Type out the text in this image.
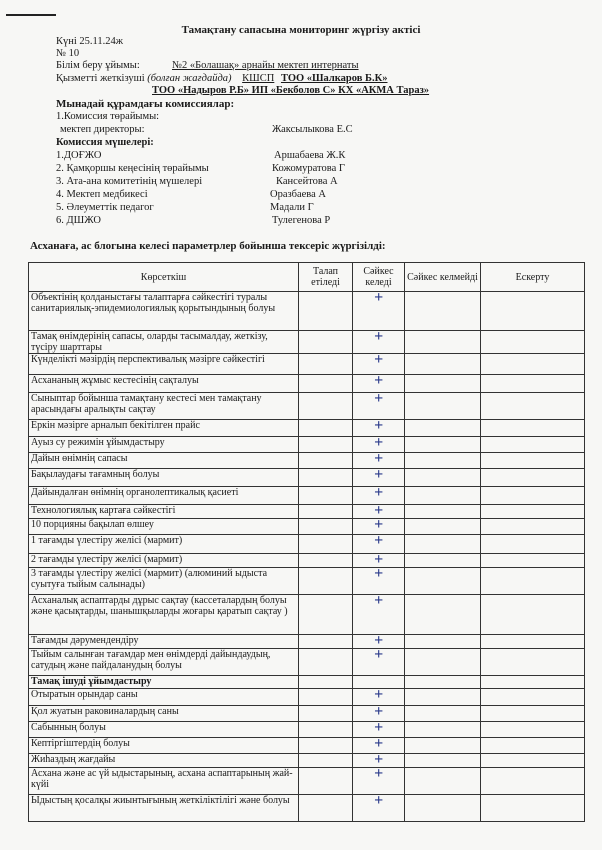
Тамақтану сапасына мониторинг жүргізу актісі
Күні 25.11.24ж
№ 10
Білім беру ұйымы:	№2 «Болашақ» арнайы мектеп интернаты
Қызметті жеткізуші (болған жағдайда) КШСП ТОО «Шалкаров Б.К»
ТОО «Надыров Р.Б» ИП «Бекболов С» КХ «АКМА Тараз»
Мынадай құрамдағы комиссиялар:
1.Комиссия төрайымы:
мектеп директоры:	Жаксылыкова Е.С
Комиссия мүшелері:
1.ДОҒЖО	Аршабаева Ж.К
2. Қамқоршы кеңесінің төрайымы	Кожомуратова Г
3. Ата-ана комитетінің мүшелері	Кансейтова А
4. Мектеп медбикесі	Оразбаева А
5. Әлеуметтік педагог	Мадали Г
6. ДШЖО	Тулегенова Р
Асханаға, ас блогына келесі параметрлер бойынша тексеріс жүргізілді:
Көрсеткіш	Талап етіледі	Сәйкес келеді	Сәйкес келмейді	Ескерту
Объектінің қолданыстағы талаптарға сәйкестігі туралы санитариялық-эпидемиологиялық қорытындының болуы		+		
Тамақ өнімдерінің сапасы, оларды тасымалдау, жеткізу, түсіру шарттары		+		
Күнделікті мәзірдің перспективалық мәзірге сәйкестігі		+		
Асхананың жұмыс кестесінің сақталуы		+		
Сыныптар бойынша тамақтану кестесі мен тамақтану арасындағы аралықты сақтау		+		
Еркін мәзірге арналып бекітілген прайс		+		
Ауыз су режимін ұйымдастыру		+		
Дайын өнімнің сапасы		+		
Бақылаудағы тағамның болуы		+		
Дайындалған өнімнің органолептикалық қасиеті		+		
Технологиялық картаға сәйкестігі		+		
10 порцияны бақылап өлшеу		+		
1 тағамды үлестіру желісі (мармит)		+		
2 тағамды үлестіру желісі (мармит)		+		
3 тағамды үлестіру желісі (мармит) (алюминий ыдыста суытуға тыйым салынады)		+		
Асханалық аспаптарды дұрыс сақтау (кассеталардың болуы және қасықтарды, шанышқыларды жоғары қаратып сақтау )		+		
Тағамды дәрумендендіру		+		
Тыйым салынған тағамдар мен өнімдерді дайындаудың, сатудың және пайдаланудың болуы		+		
Тамақ ішуді ұйымдастыру				
Отыратын орындар саны		+		
Қол жуатын раковиналардың саны		+		
Сабынның болуы		+		
Кептіргіштердің болуы		+		
Жиһаздың жағдайы		+		
Асхана және ас үй ыдыстарының, асхана аспаптарының жай-күйі		+		
Ыдыстың қосалқы жиынтығының жеткіліктілігі және болуы		+		
